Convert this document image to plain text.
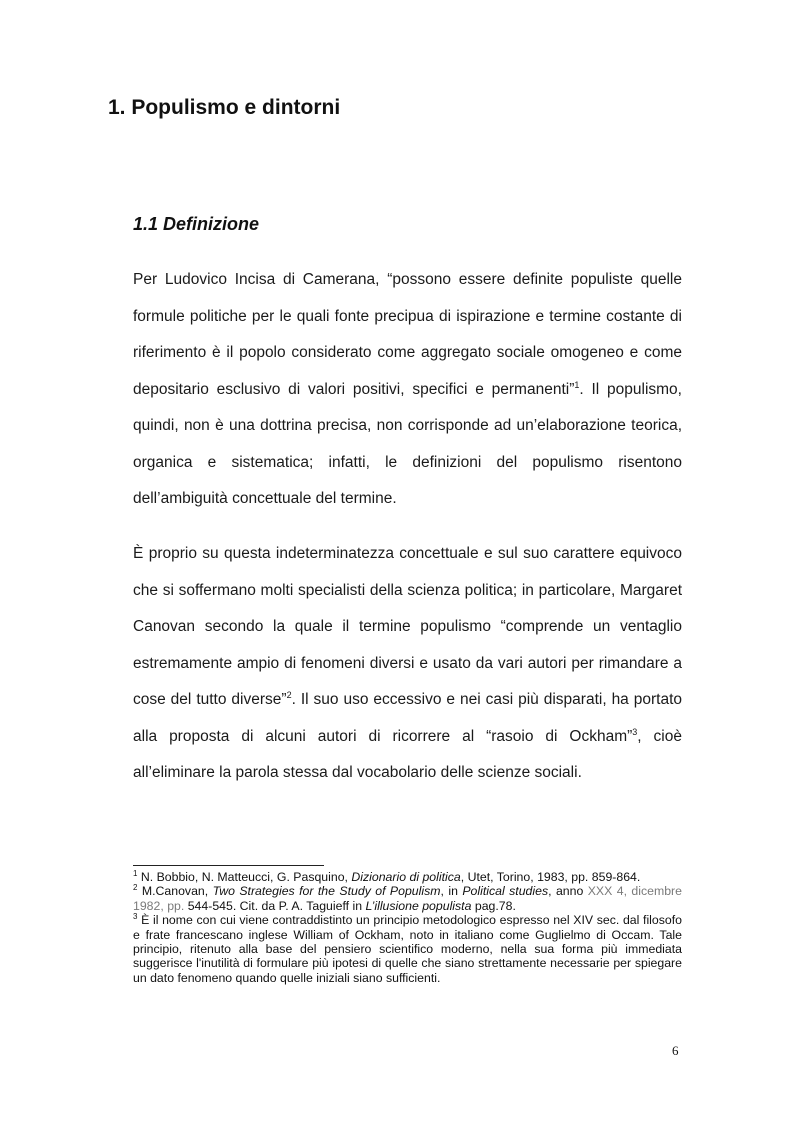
1. Populismo e dintorni
1.1 Definizione

Per Ludovico Incisa di Camerana, “possono essere definite populiste quelle formule politiche per le quali fonte precipua di ispirazione e termine costante di riferimento è il popolo considerato come aggregato sociale omogeneo e come depositario esclusivo di valori positivi, specifici e permanenti”$^1$. Il populismo, quindi, non è una dottrina precisa, non corrisponde ad un’elaborazione teorica, organica e sistematica; infatti, le definizioni del populismo risentono dell’ambiguità concettuale del termine.

È proprio su questa indeterminatezza concettuale e sul suo carattere equivoco che si soffermano molti specialisti della scienza politica; in particolare, Margaret Canovan secondo la quale il termine populismo “comprende un ventaglio estremamente ampio di fenomeni diversi e usato da vari autori per rimandare a cose del tutto diverse”$^2$. Il suo uso eccessivo e nei casi più disparati, ha portato alla proposta di alcuni autori di ricorrere al “rasoio di Ockham”$^3$, cioè all’eliminare la parola stessa dal vocabolario delle scienze sociali.

$^1$ N. Bobbio, N. Matteucci, G. Pasquino, Dizionario di politica, Utet, Torino, 1983, pp. 859-864.

$^2$ M.Canovan, Two Strategies for the Study of Populism, in Political studies, anno XXX 4, dicembre 1982, pp. 544-545. Cit. da P. A. Taguieff in L’illusione populista pag.78.

$^3$ È il nome con cui viene contraddistinto un principio metodologico espresso nel XIV sec. dal filosofo e frate francescano inglese William of Ockham, noto in italiano come Guglielmo di Occam. Tale principio, ritenuto alla base del pensiero scientifico moderno, nella sua forma più immediata suggerisce l'inutilità di formulare più ipotesi di quelle che siano strettamente necessarie per spiegare un dato fenomeno quando quelle iniziali siano sufficienti.

6
